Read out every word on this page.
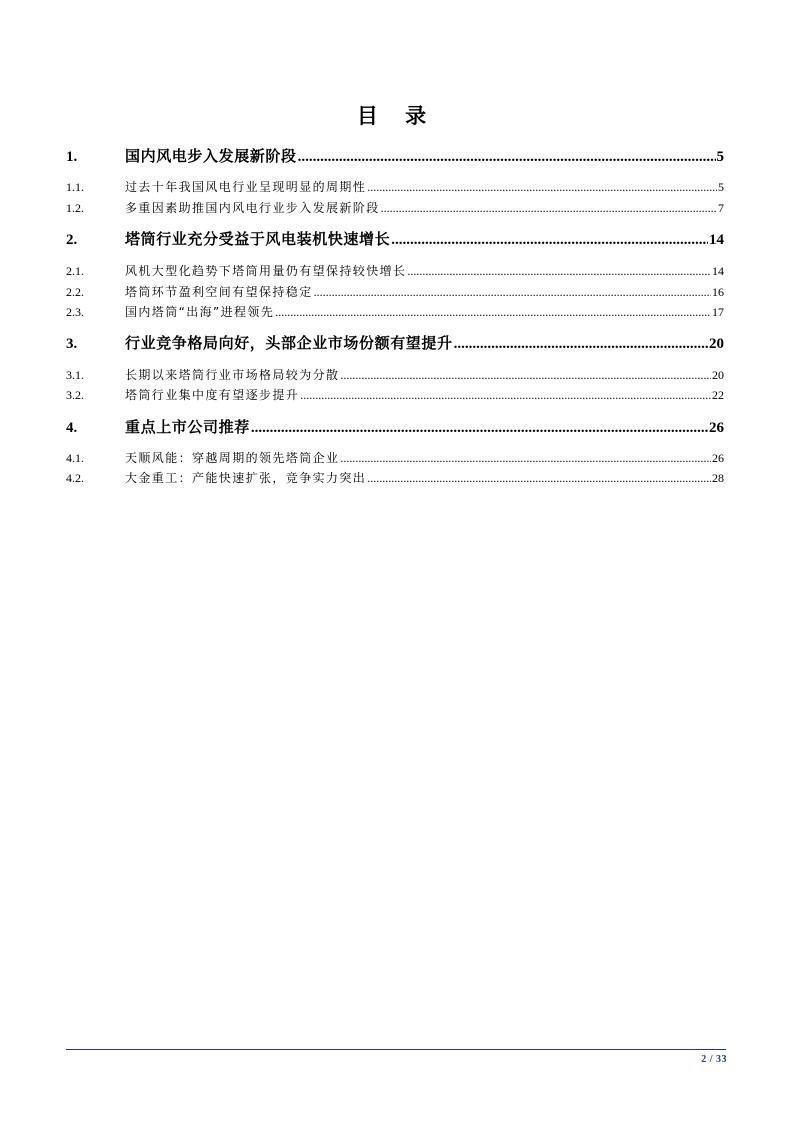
目 录
1.	国内风电步入发展新阶段 .....	5
1.1.	过去十年我国风电行业呈现明显的周期性 .....	5
1.2.	多重因素助推国内风电行业步入发展新阶段 .....	7
2.	塔筒行业充分受益于风电装机快速增长 .....	14
2.1.	风机大型化趋势下塔筒用量仍有望保持较快增长 .....	14
2.2.	塔筒环节盈利空间有望保持稳定 .....	16
2.3.	国内塔筒“出海”进程领先 .....	17
3.	行业竞争格局向好，头部企业市场份额有望提升 .....	20
3.1.	长期以来塔筒行业市场格局较为分散 .....	20
3.2.	塔筒行业集中度有望逐步提升 .....	22
4.	重点上市公司推荐 .....	26
4.1.	天顺风能：穿越周期的领先塔筒企业 .....	26
4.2.	大金重工：产能快速扩张，竞争实力突出 .....	28
2 / 33
